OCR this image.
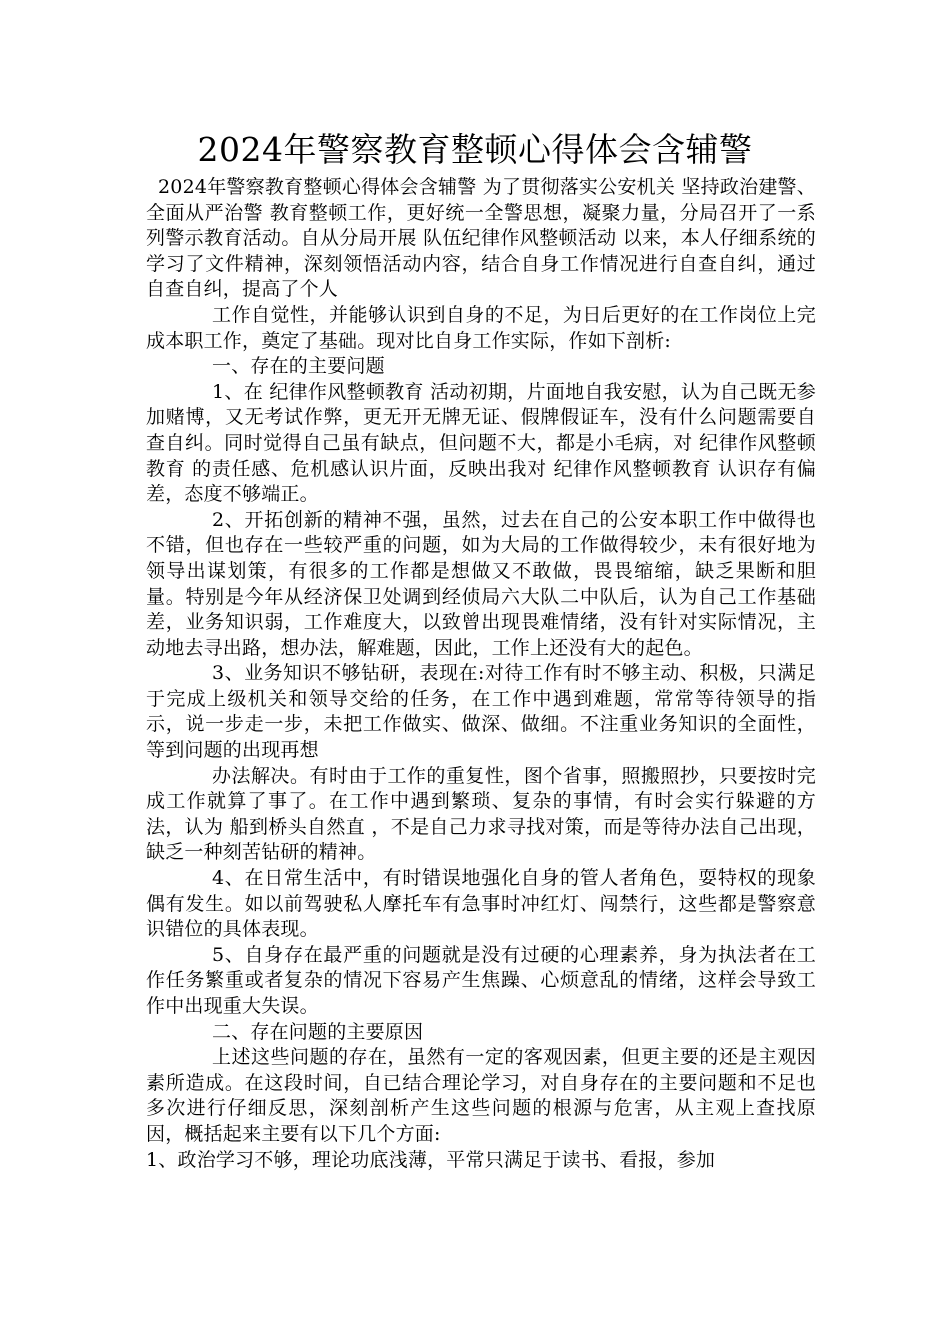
2024年警察教育整顿心得体会含辅警

2024年警察教育整顿心得体会含辅警 为了贯彻落实公安机关 坚持政治建警、全面从严治警 教育整顿工作，更好统一全警思想，凝聚力量，分局召开了一系列警示教育活动。自从分局开展 队伍纪律作风整顿活动 以来，本人仔细系统的学习了文件精神，深刻领悟活动内容，结合自身工作情况进行自查自纠，通过自查自纠，提高了个人

工作自觉性，并能够认识到自身的不足，为日后更好的在工作岗位上完成本职工作，奠定了基础。现对比自身工作实际，作如下剖析:

一、存在的主要问题

1、在 纪律作风整顿教育 活动初期，片面地自我安慰，认为自己既无参加赌博，又无考试作弊，更无开无牌无证、假牌假证车，没有什么问题需要自查自纠。同时觉得自己虽有缺点，但问题不大，都是小毛病，对 纪律作风整顿教育 的责任感、危机感认识片面，反映出我对 纪律作风整顿教育 认识存有偏差，态度不够端正。

2、开拓创新的精神不强，虽然，过去在自己的公安本职工作中做得也不错，但也存在一些较严重的问题，如为大局的工作做得较少，未有很好地为领导出谋划策，有很多的工作都是想做又不敢做，畏畏缩缩，缺乏果断和胆量。特别是今年从经济保卫处调到经侦局六大队二中队后，认为自己工作基础差，业务知识弱，工作难度大，以致曾出现畏难情绪，没有针对实际情况，主动地去寻出路，想办法，解难题，因此，工作上还没有大的起色。

3、业务知识不够钻研，表现在:对待工作有时不够主动、积极，只满足于完成上级机关和领导交给的任务，在工作中遇到难题，常常等待领导的指示，说一步走一步，未把工作做实、做深、做细。不注重业务知识的全面性，等到问题的出现再想

办法解决。有时由于工作的重复性，图个省事，照搬照抄，只要按时完成工作就算了事了。在工作中遇到繁琐、复杂的事情，有时会实行躲避的方法，认为 船到桥头自然直 ，不是自己力求寻找对策，而是等待办法自己出现，缺乏一种刻苦钻研的精神。

4、在日常生活中，有时错误地强化自身的管人者角色，耍特权的现象偶有发生。如以前驾驶私人摩托车有急事时冲红灯、闯禁行，这些都是警察意识错位的具体表现。

5、自身存在最严重的问题就是没有过硬的心理素养，身为执法者在工作任务繁重或者复杂的情况下容易产生焦躁、心烦意乱的情绪，这样会导致工作中出现重大失误。

二、存在问题的主要原因

上述这些问题的存在，虽然有一定的客观因素，但更主要的还是主观因素所造成。在这段时间，自已结合理论学习，对自身存在的主要问题和不足也多次进行仔细反思，深刻剖析产生这些问题的根源与危害，从主观上查找原因，概括起来主要有以下几个方面:

1、政治学习不够，理论功底浅薄，平常只满足于读书、看报，参加
